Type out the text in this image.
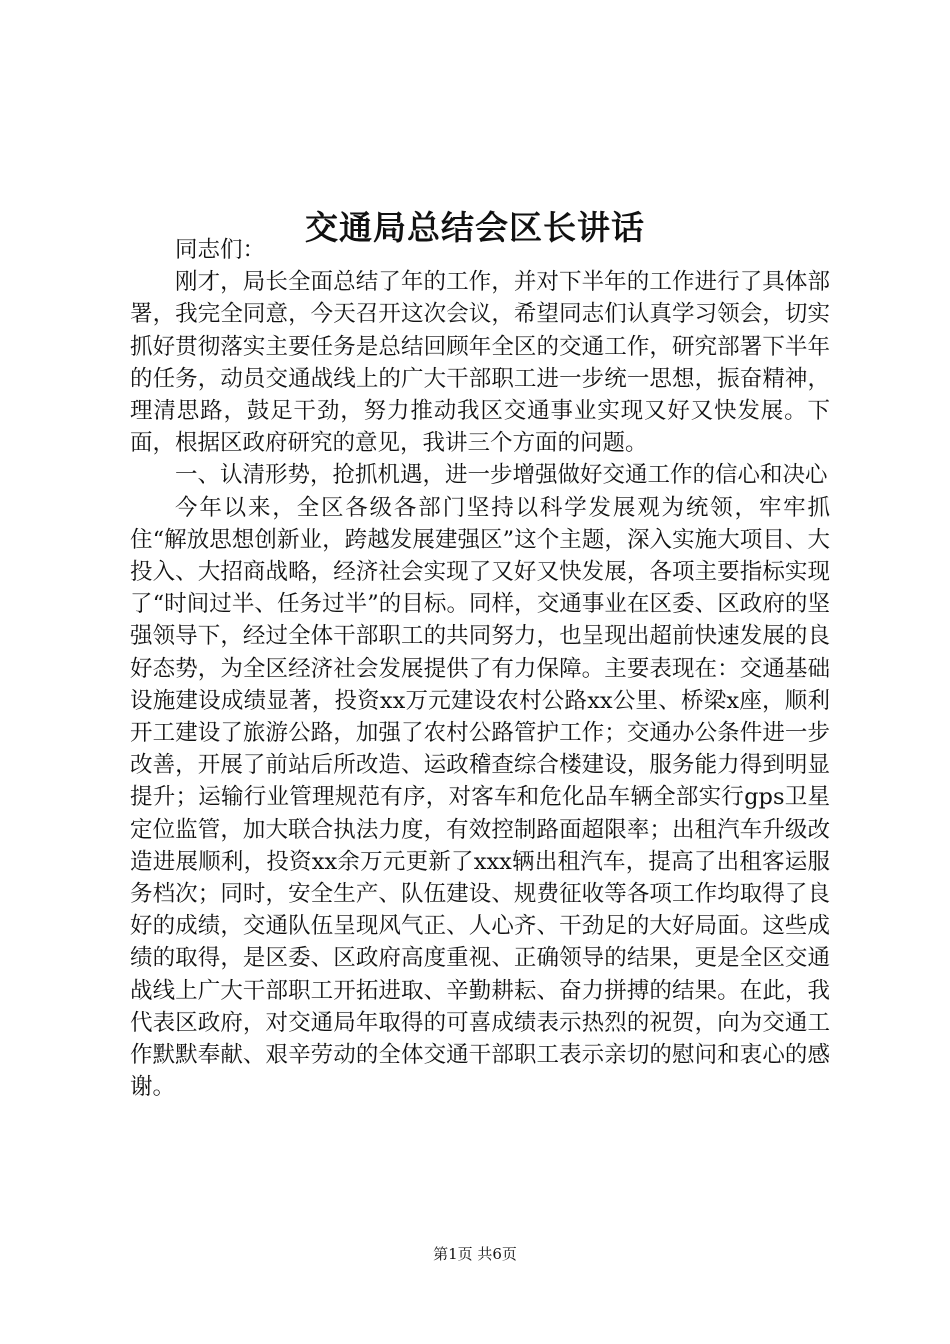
交通局总结会区长讲话

同志们：

刚才，局长全面总结了年的工作，并对下半年的工作进行了具体部署，我完全同意，今天召开这次会议，希望同志们认真学习领会，切实抓好贯彻落实主要任务是总结回顾年全区的交通工作，研究部署下半年的任务，动员交通战线上的广大干部职工进一步统一思想，振奋精神，理清思路，鼓足干劲，努力推动我区交通事业实现又好又快发展。下面，根据区政府研究的意见，我讲三个方面的问题。

一、认清形势，抢抓机遇，进一步增强做好交通工作的信心和决心

今年以来，全区各级各部门坚持以科学发展观为统领，牢牢抓住“解放思想创新业，跨越发展建强区”这个主题，深入实施大项目、大投入、大招商战略，经济社会实现了又好又快发展，各项主要指标实现了“时间过半、任务过半”的目标。同样，交通事业在区委、区政府的坚强领导下，经过全体干部职工的共同努力，也呈现出超前快速发展的良好态势，为全区经济社会发展提供了有力保障。主要表现在：交通基础设施建设成绩显著，投资xx万元建设农村公路xx公里、桥梁x座，顺利开工建设了旅游公路，加强了农村公路管护工作；交通办公条件进一步改善，开展了前站后所改造、运政稽查综合楼建设，服务能力得到明显提升；运输行业管理规范有序，对客车和危化品车辆全部实行gps卫星定位监管，加大联合执法力度，有效控制路面超限率；出租汽车升级改造进展顺利，投资xx余万元更新了xxx辆出租汽车，提高了出租客运服务档次；同时，安全生产、队伍建设、规费征收等各项工作均取得了良好的成绩，交通队伍呈现风气正、人心齐、干劲足的大好局面。这些成绩的取得，是区委、区政府高度重视、正确领导的结果，更是全区交通战线上广大干部职工开拓进取、辛勤耕耘、奋力拼搏的结果。在此，我代表区政府，对交通局年取得的可喜成绩表示热烈的祝贺，向为交通工作默默奉献、艰辛劳动的全体交通干部职工表示亲切的慰问和衷心的感谢。

第1页 共6页
